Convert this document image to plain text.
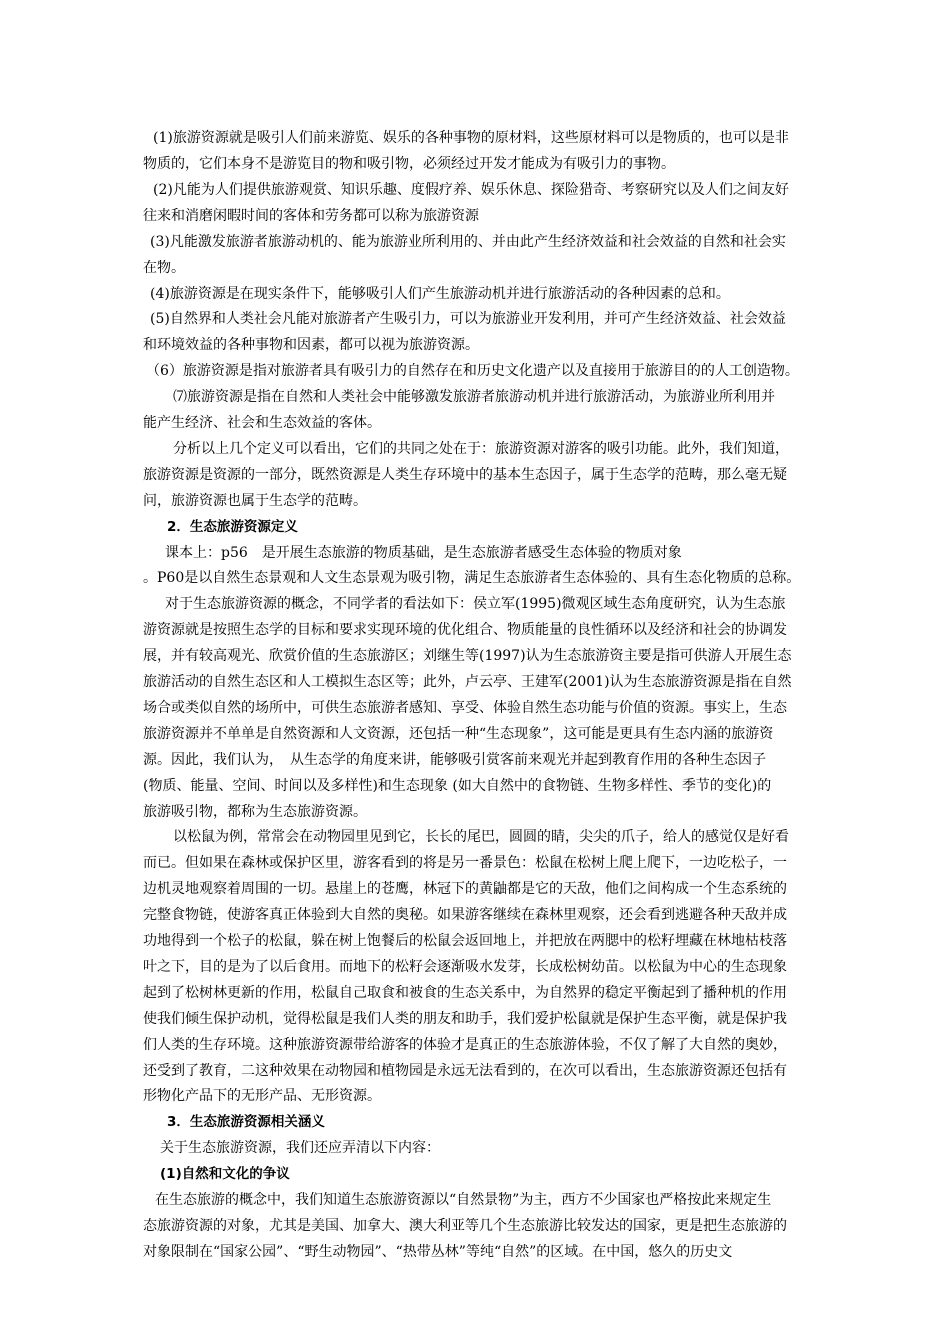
(1)旅游资源就是吸引人们前来游览、娱乐的各种事物的原材料，这些原材料可以是物质的，也可以是非
物质的，它们本身不是游览目的物和吸引物，必须经过开发才能成为有吸引力的事物。
(2)凡能为人们提供旅游观赏、知识乐趣、度假疗养、娱乐休息、探险猎奇、考察研究以及人们之间友好
往来和消磨闲暇时间的客体和劳务都可以称为旅游资源
(3)凡能激发旅游者旅游动机的、能为旅游业所利用的、并由此产生经济效益和社会效益的自然和社会实
在物。
(4)旅游资源是在现实条件下，能够吸引人们产生旅游动机并进行旅游活动的各种因素的总和。
(5)自然界和人类社会凡能对旅游者产生吸引力，可以为旅游业开发利用，并可产生经济效益、社会效益
和环境效益的各种事物和因素，都可以视为旅游资源。
（6）旅游资源是指对旅游者具有吸引力的自然存在和历史文化遗产以及直接用于旅游目的的人工创造物。
⑺旅游资源是指在自然和人类社会中能够激发旅游者旅游动机并进行旅游活动，为旅游业所利用并
能产生经济、社会和生态效益的客体。
分析以上几个定义可以看出，它们的共同之处在于：旅游资源对游客的吸引功能。此外，我们知道，
旅游资源是资源的一部分，既然资源是人类生存环境中的基本生态因子，属于生态学的范畴，那么毫无疑
问，旅游资源也属于生态学的范畴。
2．生态旅游资源定义
课本上：p56　是开展生态旅游的物质基础，是生态旅游者感受生态体验的物质对象
。P60是以自然生态景观和人文生态景观为吸引物，满足生态旅游者生态体验的、具有生态化物质的总称。
对于生态旅游资源的概念，不同学者的看法如下：侯立军(1995)微观区域生态角度研究，认为生态旅
游资源就是按照生态学的目标和要求实现环境的优化组合、物质能量的良性循环以及经济和社会的协调发
展，并有较高观光、欣赏价值的生态旅游区；刘继生等(1997)认为生态旅游资主要是指可供游人开展生态
旅游活动的自然生态区和人工模拟生态区等；此外，卢云亭、王建军(2001)认为生态旅游资源是指在自然
场合或类似自然的场所中，可供生态旅游者感知、享受、体验自然生态功能与价值的资源。事实上，生态
旅游资源并不单单是自然资源和人文资源，还包括一种“生态现象”，这可能是更具有生态内涵的旅游资
源。因此，我们认为，　从生态学的角度来讲，能够吸引赏客前来观光并起到教育作用的各种生态因子
(物质、能量、空间、时间以及多样性)和生态现象 (如大自然中的食物链、生物多样性、季节的变化)的
旅游吸引物，都称为生态旅游资源。
以松鼠为例，常常会在动物园里见到它，长长的尾巴，圆圆的睛，尖尖的爪子，给人的感觉仅是好看
而已。但如果在森林或保护区里，游客看到的将是另一番景色：松鼠在松树上爬上爬下，一边吃松子，一
边机灵地观察着周围的一切。悬崖上的苍鹰，林冠下的黄鼬都是它的天敌，他们之间构成一个生态系统的
完整食物链，使游客真正体验到大自然的奥秘。如果游客继续在森林里观察，还会看到逃避各种天敌并成
功地得到一个松子的松鼠，躲在树上饱餐后的松鼠会返回地上，并把放在两腮中的松籽埋藏在林地枯枝落
叶之下，目的是为了以后食用。而地下的松籽会逐渐吸水发芽，长成松树幼苗。以松鼠为中心的生态现象
起到了松树林更新的作用，松鼠自己取食和被食的生态关系中，为自然界的稳定平衡起到了播种机的作用
使我们倾生保护动机，觉得松鼠是我们人类的朋友和助手，我们爱护松鼠就是保护生态平衡，就是保护我
们人类的生存环境。这种旅游资源带给游客的体验才是真正的生态旅游体验，不仅了解了大自然的奥妙，
还受到了教育，二这种效果在动物园和植物园是永远无法看到的，在次可以看出，生态旅游资源还包括有
形物化产品下的无形产品、无形资源。
3．生态旅游资源相关涵义
关于生态旅游资源，我们还应弄清以下内容：
(1)自然和文化的争议
在生态旅游的概念中，我们知道生态旅游资源以“自然景物”为主，西方不少国家也严格按此来规定生
态旅游资源的对象，尤其是美国、加拿大、澳大利亚等几个生态旅游比较发达的国家，更是把生态旅游的
对象限制在“国家公园”、“野生动物园”、“热带丛林”等纯“自然”的区域。在中国，悠久的历史文
